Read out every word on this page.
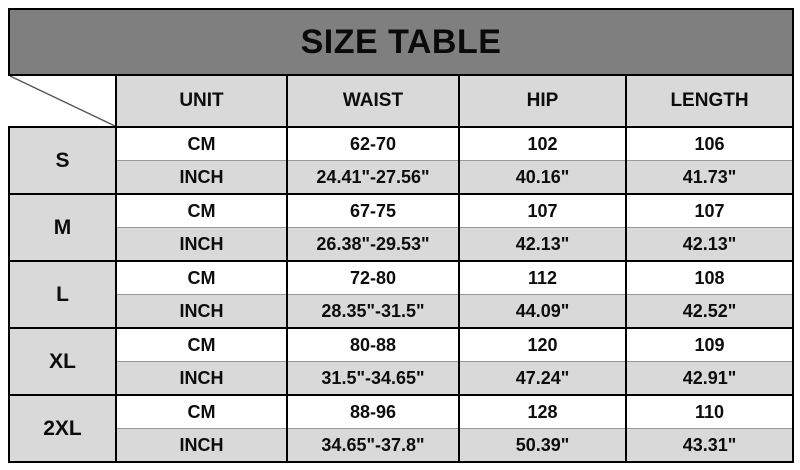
SIZE TABLE				

	UNIT	WAIST	HIP	LENGTH
S	CM	62-70	102	106
	INCH	24.41"-27.56"	40.16"	41.73"
M	CM	67-75	107	107
	INCH	26.38"-29.53"	42.13"	42.13"
L	CM	72-80	112	108
	INCH	28.35"-31.5"	44.09"	42.52"
XL	CM	80-88	120	109
	INCH	31.5"-34.65"	47.24"	42.91"
2XL	CM	88-96	128	110
	INCH	34.65"-37.8"	50.39"	43.31"
